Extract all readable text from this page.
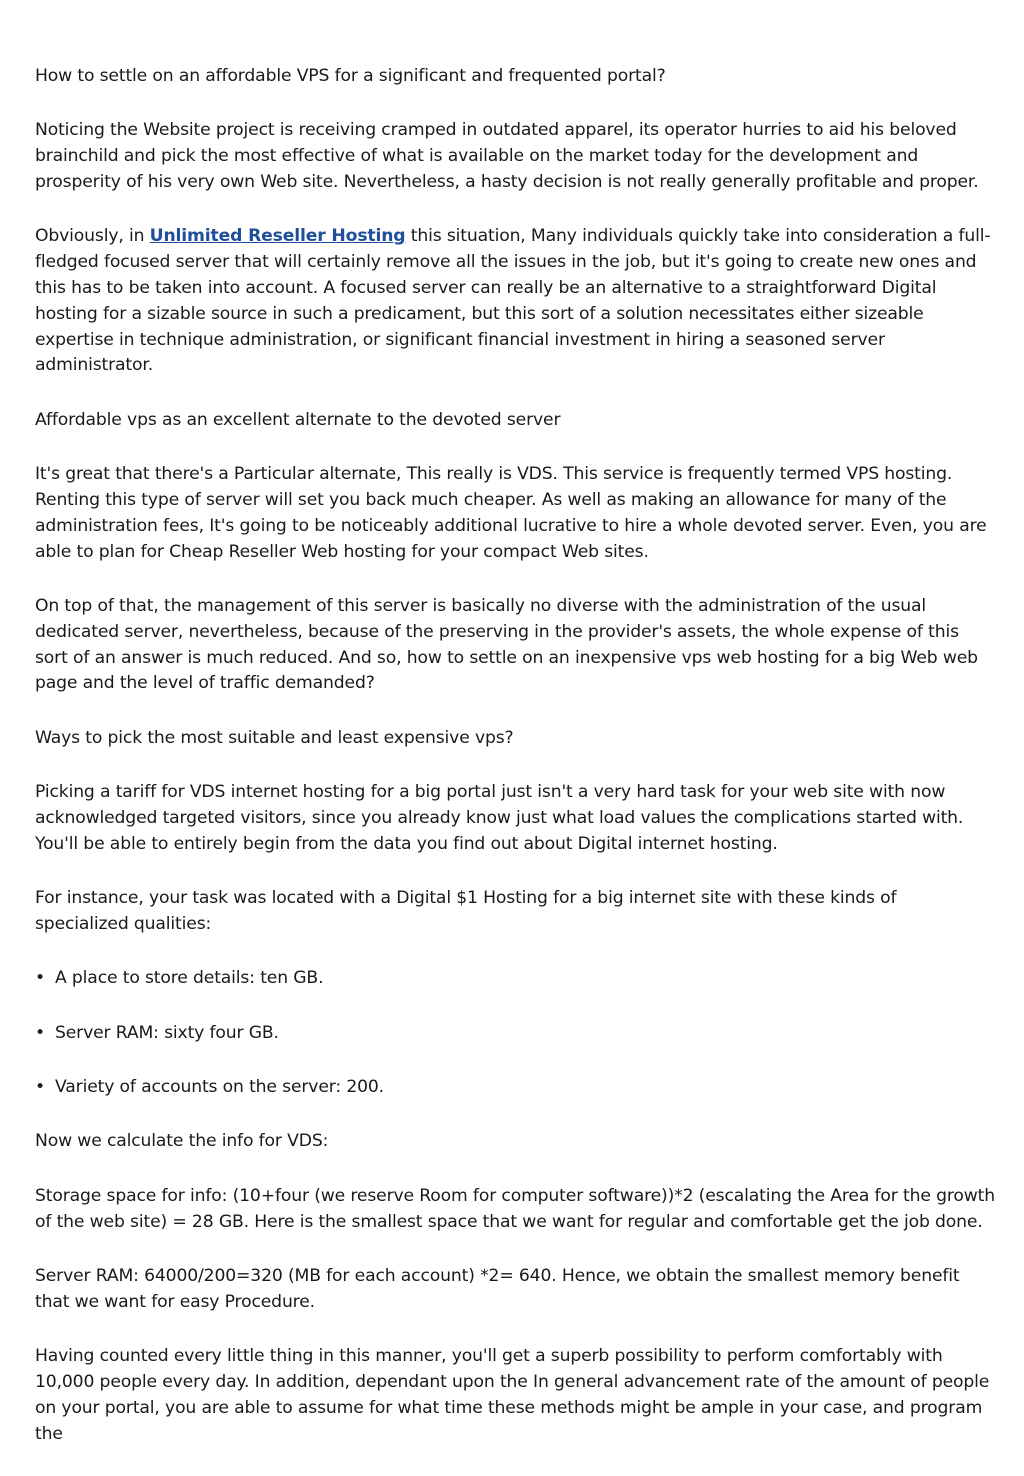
How to settle on an affordable VPS for a significant and frequented portal?

Noticing the Website project is receiving cramped in outdated apparel, its operator hurries to aid his beloved brainchild and pick the most effective of what is available on the market today for the development and prosperity of his very own Web site. Nevertheless, a hasty decision is not really generally profitable and proper.

Obviously, in Unlimited Reseller Hosting this situation, Many individuals quickly take into consideration a full-fledged focused server that will certainly remove all the issues in the job, but it's going to create new ones and this has to be taken into account. A focused server can really be an alternative to a straightforward Digital hosting for a sizable source in such a predicament, but this sort of a solution necessitates either sizeable expertise in technique administration, or significant financial investment in hiring a seasoned server administrator.

Affordable vps as an excellent alternate to the devoted server

It's great that there's a Particular alternate, This really is VDS. This service is frequently termed VPS hosting. Renting this type of server will set you back much cheaper. As well as making an allowance for many of the administration fees, It's going to be noticeably additional lucrative to hire a whole devoted server. Even, you are able to plan for Cheap Reseller Web hosting for your compact Web sites.

On top of that, the management of this server is basically no diverse with the administration of the usual dedicated server, nevertheless, because of the preserving in the provider's assets, the whole expense of this sort of an answer is much reduced. And so, how to settle on an inexpensive vps web hosting for a big Web web page and the level of traffic demanded?

Ways to pick the most suitable and least expensive vps?

Picking a tariff for VDS internet hosting for a big portal just isn't a very hard task for your web site with now acknowledged targeted visitors, since you already know just what load values the complications started with. You'll be able to entirely begin from the data you find out about Digital internet hosting.

For instance, your task was located with a Digital $1 Hosting for a big internet site with these kinds of specialized qualities:

• A place to store details: ten GB.

• Server RAM: sixty four GB.

• Variety of accounts on the server: 200.

Now we calculate the info for VDS:

Storage space for info: (10+four (we reserve Room for computer software))*2 (escalating the Area for the growth of the web site) = 28 GB. Here is the smallest space that we want for regular and comfortable get the job done.

Server RAM: 64000/200=320 (MB for each account) *2= 640. Hence, we obtain the smallest memory benefit that we want for easy Procedure.

Having counted every little thing in this manner, you'll get a superb possibility to perform comfortably with 10,000 people every day. In addition, dependant upon the In general advancement rate of the amount of people on your portal, you are able to assume for what time these methods might be ample in your case, and program the
